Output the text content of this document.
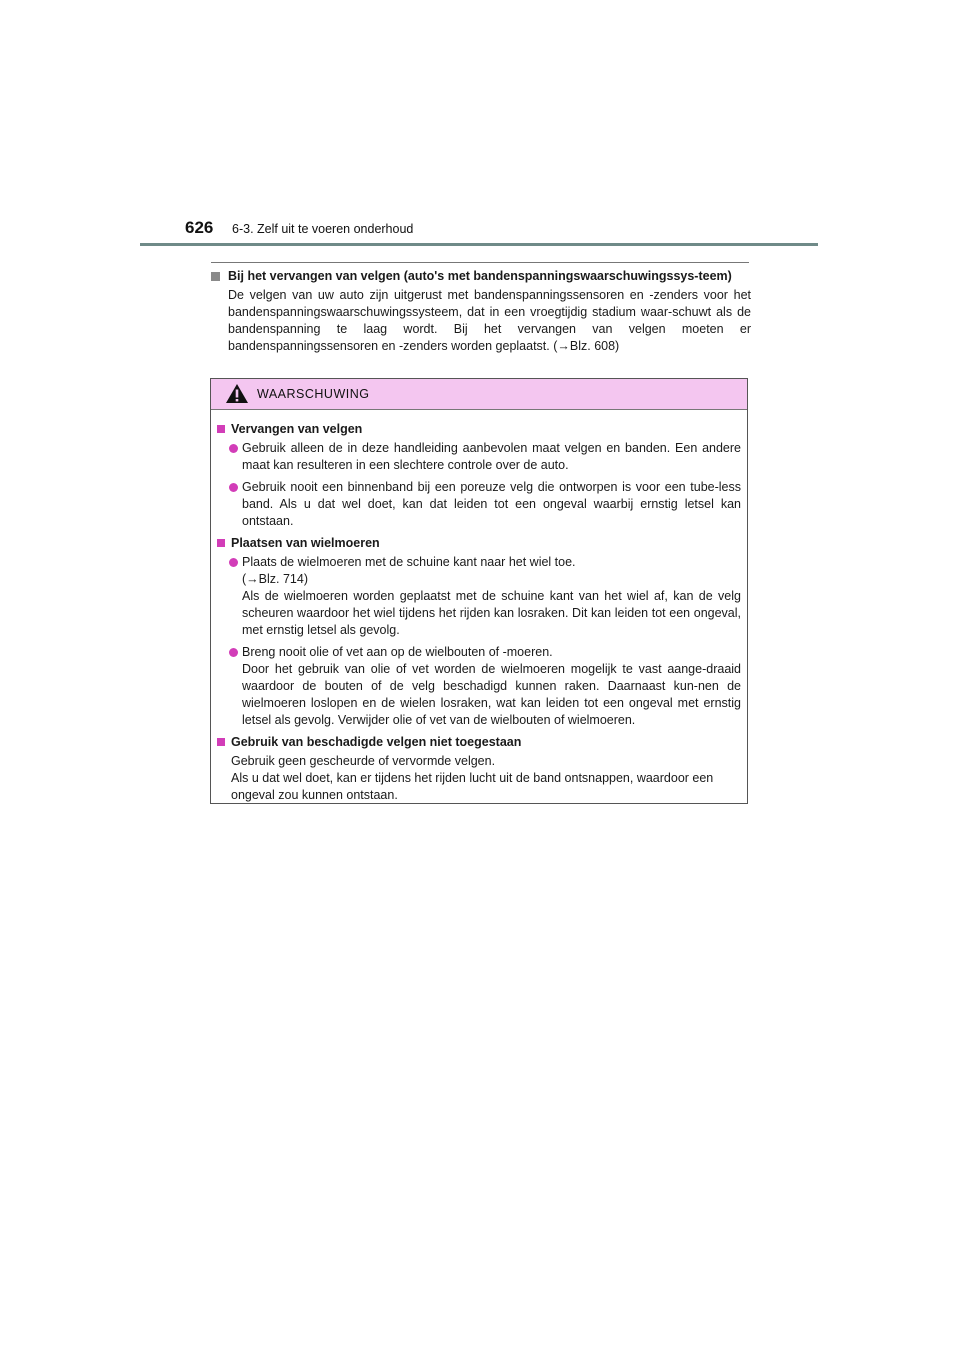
626 6-3. Zelf uit te voeren onderhoud
Bij het vervangen van velgen (auto's met bandenspanningswaarschuwingssys-teem)
De velgen van uw auto zijn uitgerust met bandenspanningssensoren en -zenders voor het bandenspanningswaarschuwingssysteem, dat in een vroegtijdig stadium waar-schuwt als de bandenspanning te laag wordt. Bij het vervangen van velgen moeten er bandenspanningssensoren en -zenders worden geplaatst. (→Blz. 608)
WAARSCHUWING
Vervangen van velgen
Gebruik alleen de in deze handleiding aanbevolen maat velgen en banden. Een andere maat kan resulteren in een slechtere controle over de auto.
Gebruik nooit een binnenband bij een poreuze velg die ontworpen is voor een tube-less band. Als u dat wel doet, kan dat leiden tot een ongeval waarbij ernstig letsel kan ontstaan.
Plaatsen van wielmoeren
Plaats de wielmoeren met de schuine kant naar het wiel toe.
(→Blz. 714)
Als de wielmoeren worden geplaatst met de schuine kant van het wiel af, kan de velg scheuren waardoor het wiel tijdens het rijden kan losraken. Dit kan leiden tot een ongeval, met ernstig letsel als gevolg.
Breng nooit olie of vet aan op de wielbouten of -moeren.
Door het gebruik van olie of vet worden de wielmoeren mogelijk te vast aange-draaid waardoor de bouten of de velg beschadigd kunnen raken. Daarnaast kun-nen de wielmoeren loslopen en de wielen losraken, wat kan leiden tot een ongeval met ernstig letsel als gevolg. Verwijder olie of vet van de wielbouten of wielmoeren.
Gebruik van beschadigde velgen niet toegestaan
Gebruik geen gescheurde of vervormde velgen.
Als u dat wel doet, kan er tijdens het rijden lucht uit de band ontsnappen, waardoor een ongeval zou kunnen ontstaan.
